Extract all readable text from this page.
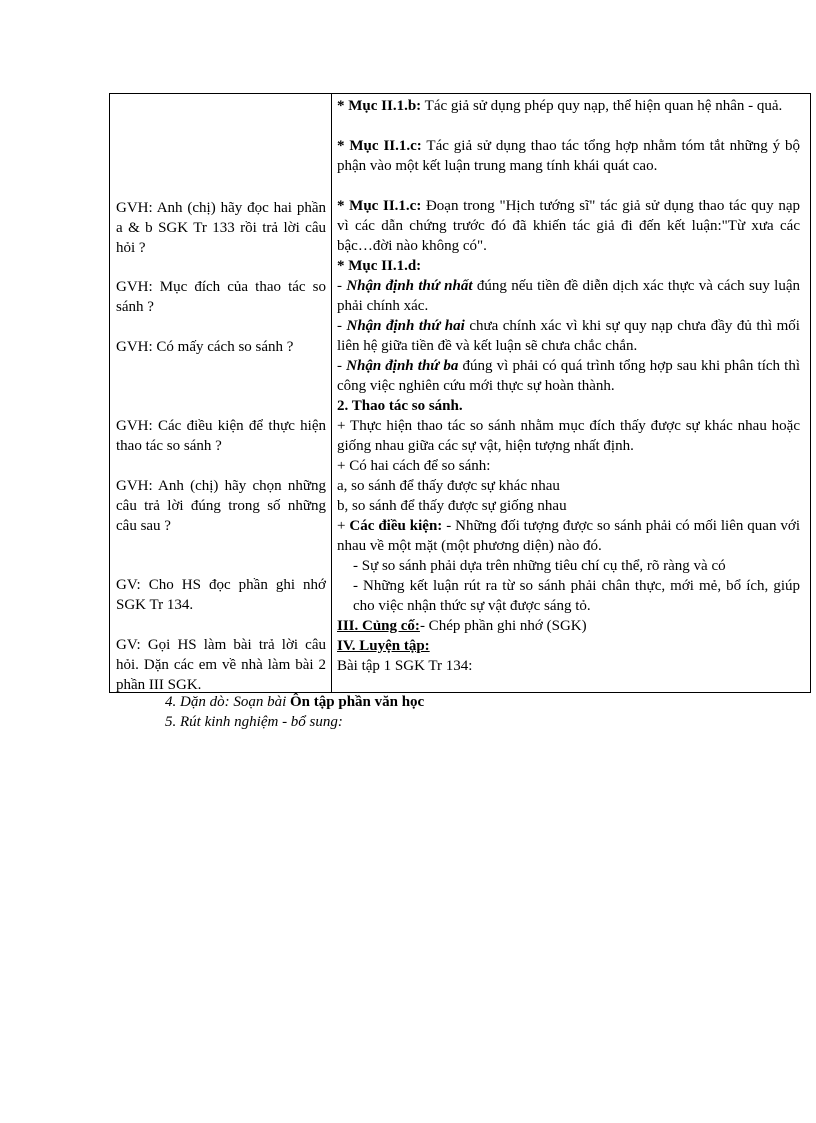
GVH: Anh (chị) hãy đọc hai phần a & b SGK Tr 133 rồi trả lời câu hỏi ?
GVH: Mục đích của thao tác so sánh ?
GVH: Có mấy cách so sánh ?
GVH: Các điều kiện để thực hiện thao tác so sánh ?
GVH: Anh (chị) hãy chọn những câu trả lời đúng trong số những câu sau ?
GV: Cho HS đọc phần ghi nhớ SGK Tr 134.
GV: Gọi HS làm bài trả lời câu hỏi. Dặn các em về nhà làm bài 2 phần III SGK.
* Mục II.1.b: Tác giả sử dụng phép quy nạp, thể hiện quan hệ nhân - quả.
* Mục II.1.c: Tác giả sử dụng thao tác tổng hợp nhằm tóm tắt những ý bộ phận vào một kết luận trung mang tính khái quát cao.
* Mục II.1.c: Đoạn trong "Hịch tướng sĩ" tác giả sử dụng thao tác quy nạp vì các dẫn chứng trước đó đã khiến tác giả đi đến kết luận:"Từ xưa các bậc…đời nào không có".
* Mục II.1.d:
- Nhận định thứ nhất đúng nếu tiền đề diễn dịch xác thực và cách suy luận phải chính xác.
- Nhận định thứ hai chưa chính xác vì khi sự quy nạp chưa đầy đủ thì mối liên hệ giữa tiền đề và kết luận sẽ chưa chắc chắn.
- Nhận định thứ ba đúng vì phải có quá trình tổng hợp sau khi phân tích thì công việc nghiên cứu mới thực sự hoàn thành.
2. Thao tác so sánh.
+ Thực hiện thao tác so sánh nhằm mục đích thấy được sự khác nhau hoặc giống nhau giữa các sự vật, hiện tượng nhất định.
+ Có hai cách để so sánh:
a, so sánh để thấy được sự khác nhau
b, so sánh để thấy được sự giống nhau
+ Các điều kiện: - Những đối tượng được so sánh phải có mối liên quan với nhau về một mặt (một phương diện) nào đó.
- Sự so sánh phải dựa trên những tiêu chí cụ thể, rõ ràng và có
- Những kết luận rút ra từ so sánh phải chân thực, mới mẻ, bổ ích, giúp cho việc nhận thức sự vật được sáng tỏ.
III. Củng cố:- Chép phần ghi nhớ (SGK)
IV. Luyện tập:
Bài tập 1 SGK Tr 134:
4. Dặn dò: Soạn bài Ôn tập phần văn học
5. Rút kinh nghiệm - bổ sung:
